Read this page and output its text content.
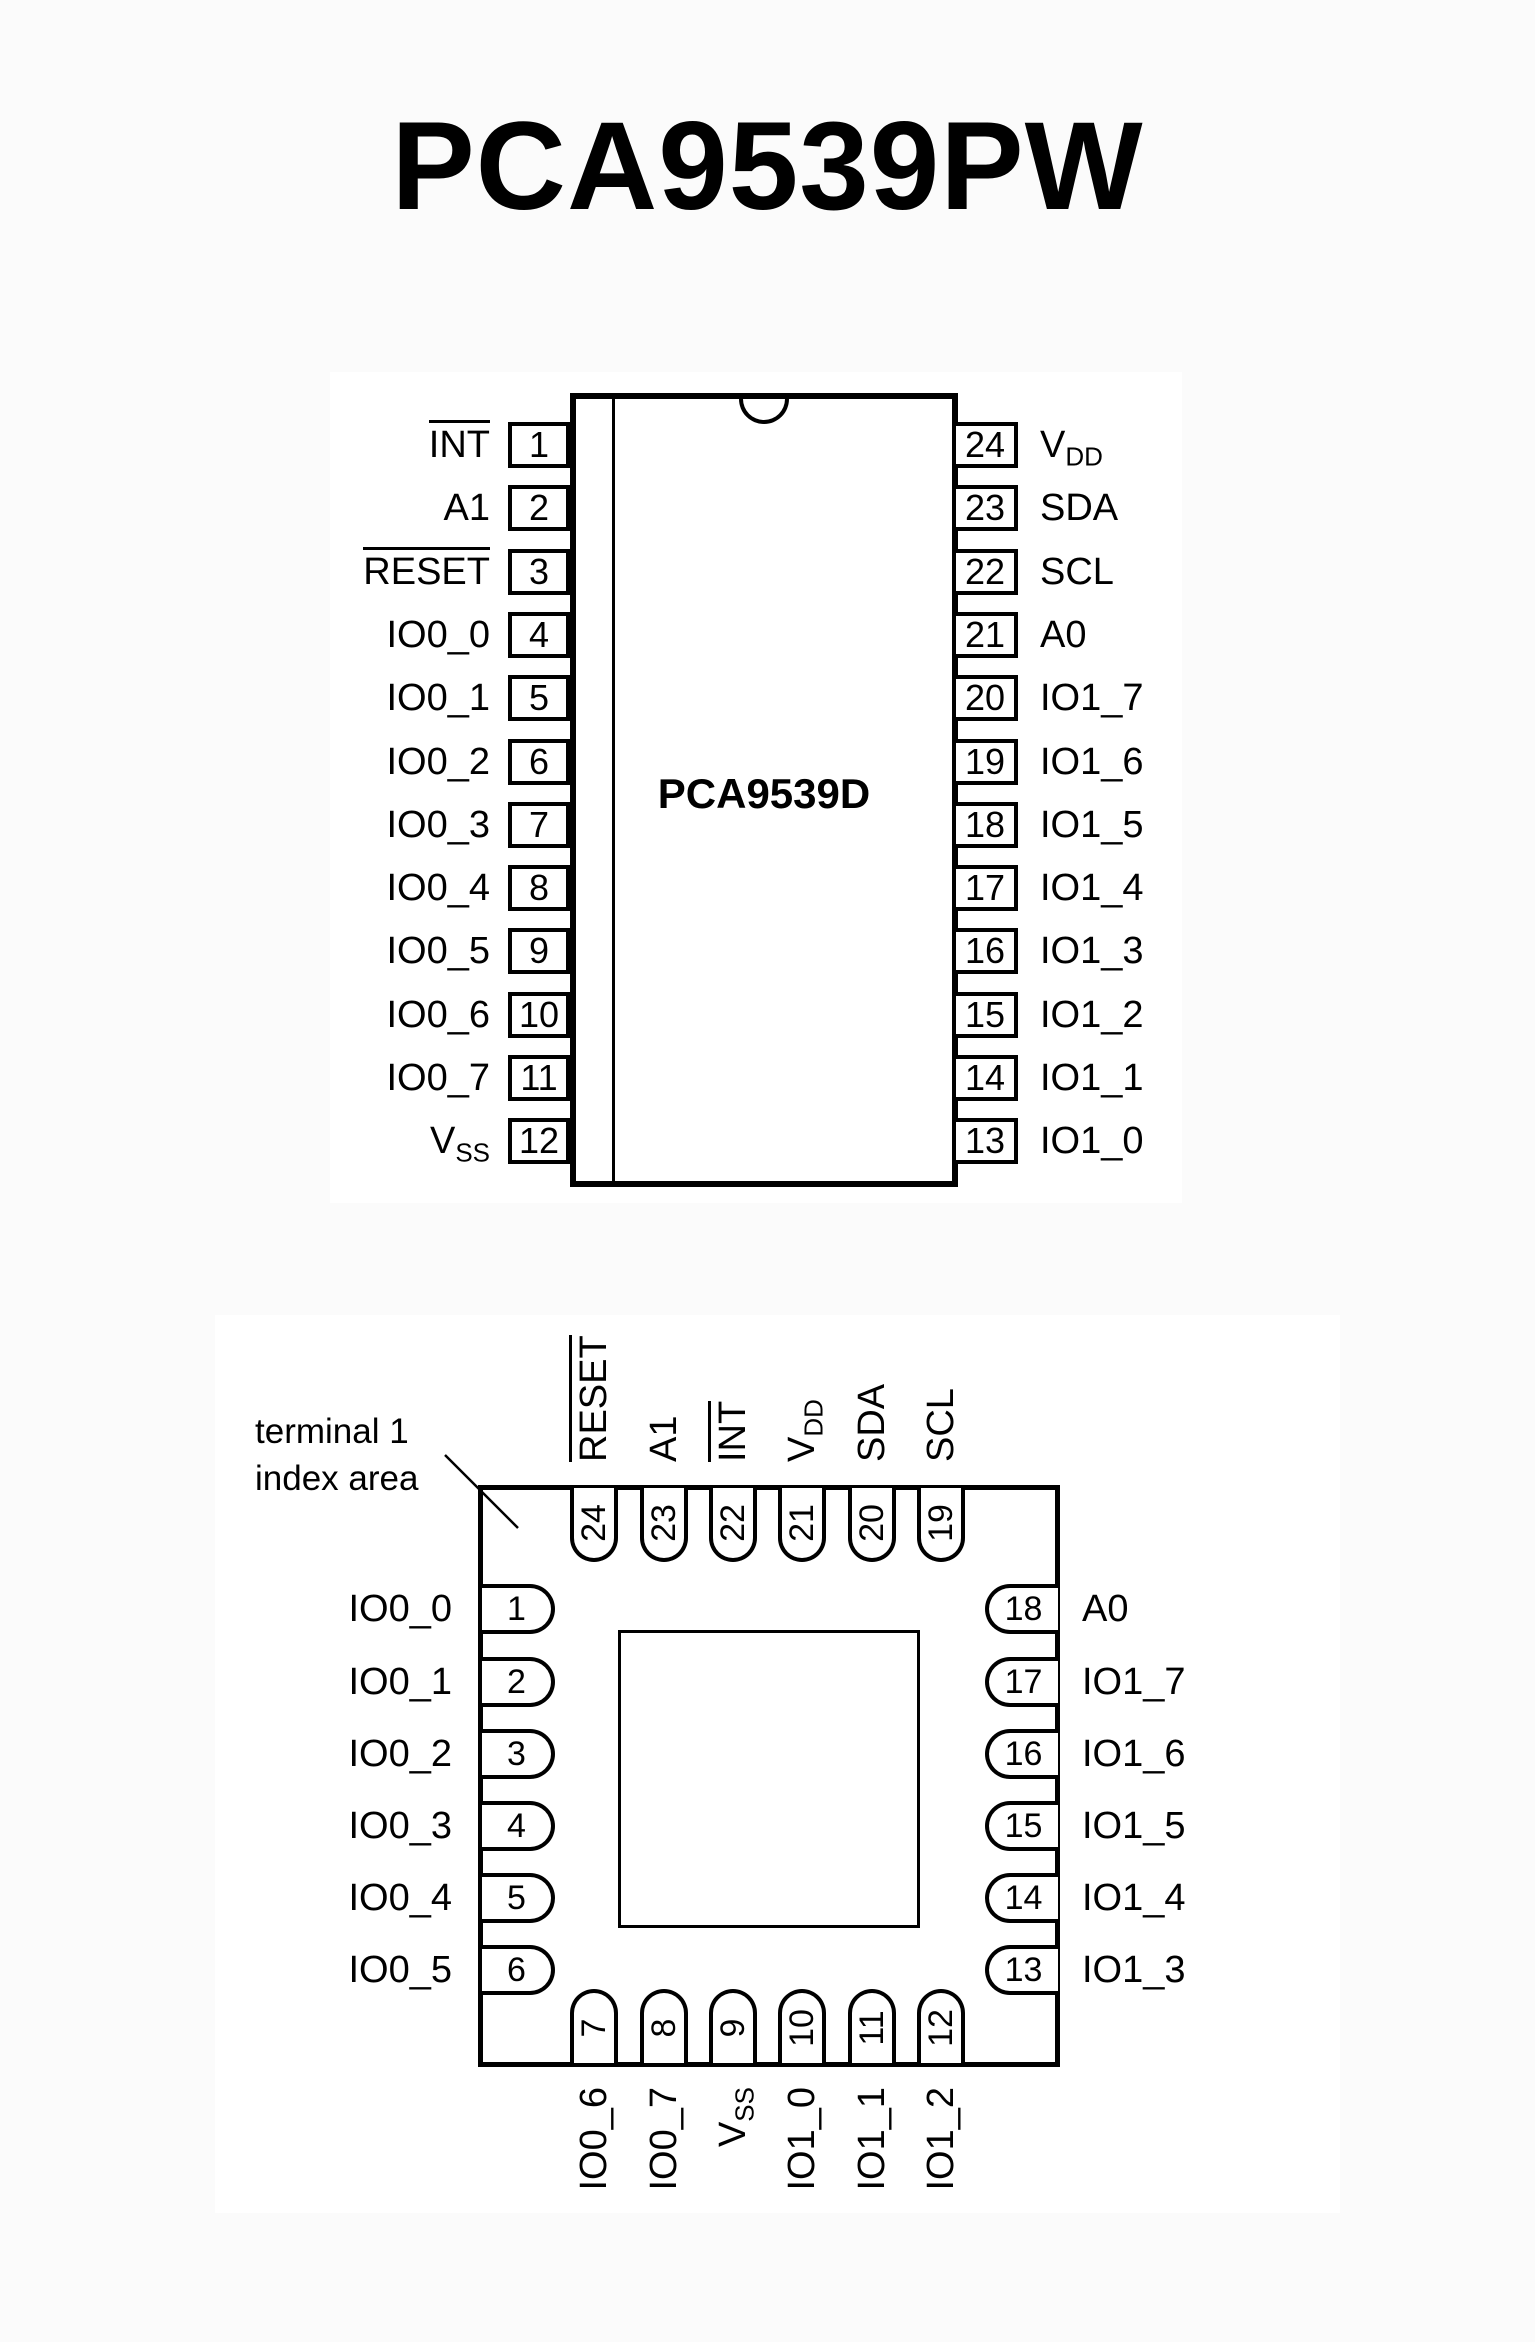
PCA9539PW
PCA9539D
1
2
3
4
5
6
7
8
9
10
11
12
INT
A1
RESET
IO0_0
IO0_1
IO0_2
IO0_3
IO0_4
IO0_5
IO0_6
IO0_7
$V_{SS}$
24
23
22
21
20
19
18
17
16
15
14
13
$V_{DD}$
SDA
SCL
A0
IO1_7
IO1_6
IO1_5
IO1_4
IO1_3
IO1_2
IO1_1
IO1_0
terminal 1
index area
24 23 22 21 20 19
RESET A1 INT $V_{DD}$ SDA SCL
1
2
3
4
5
6
IO0_0
IO0_1
IO0_2
IO0_3
IO0_4
IO0_5
18
17
16
15
14
13
A0
IO1_7
IO1_6
IO1_5
IO1_4
IO1_3
7 8 9 10 11 12
IO0_6 IO0_7 $V_{SS}$ IO1_0 IO1_1 IO1_2
